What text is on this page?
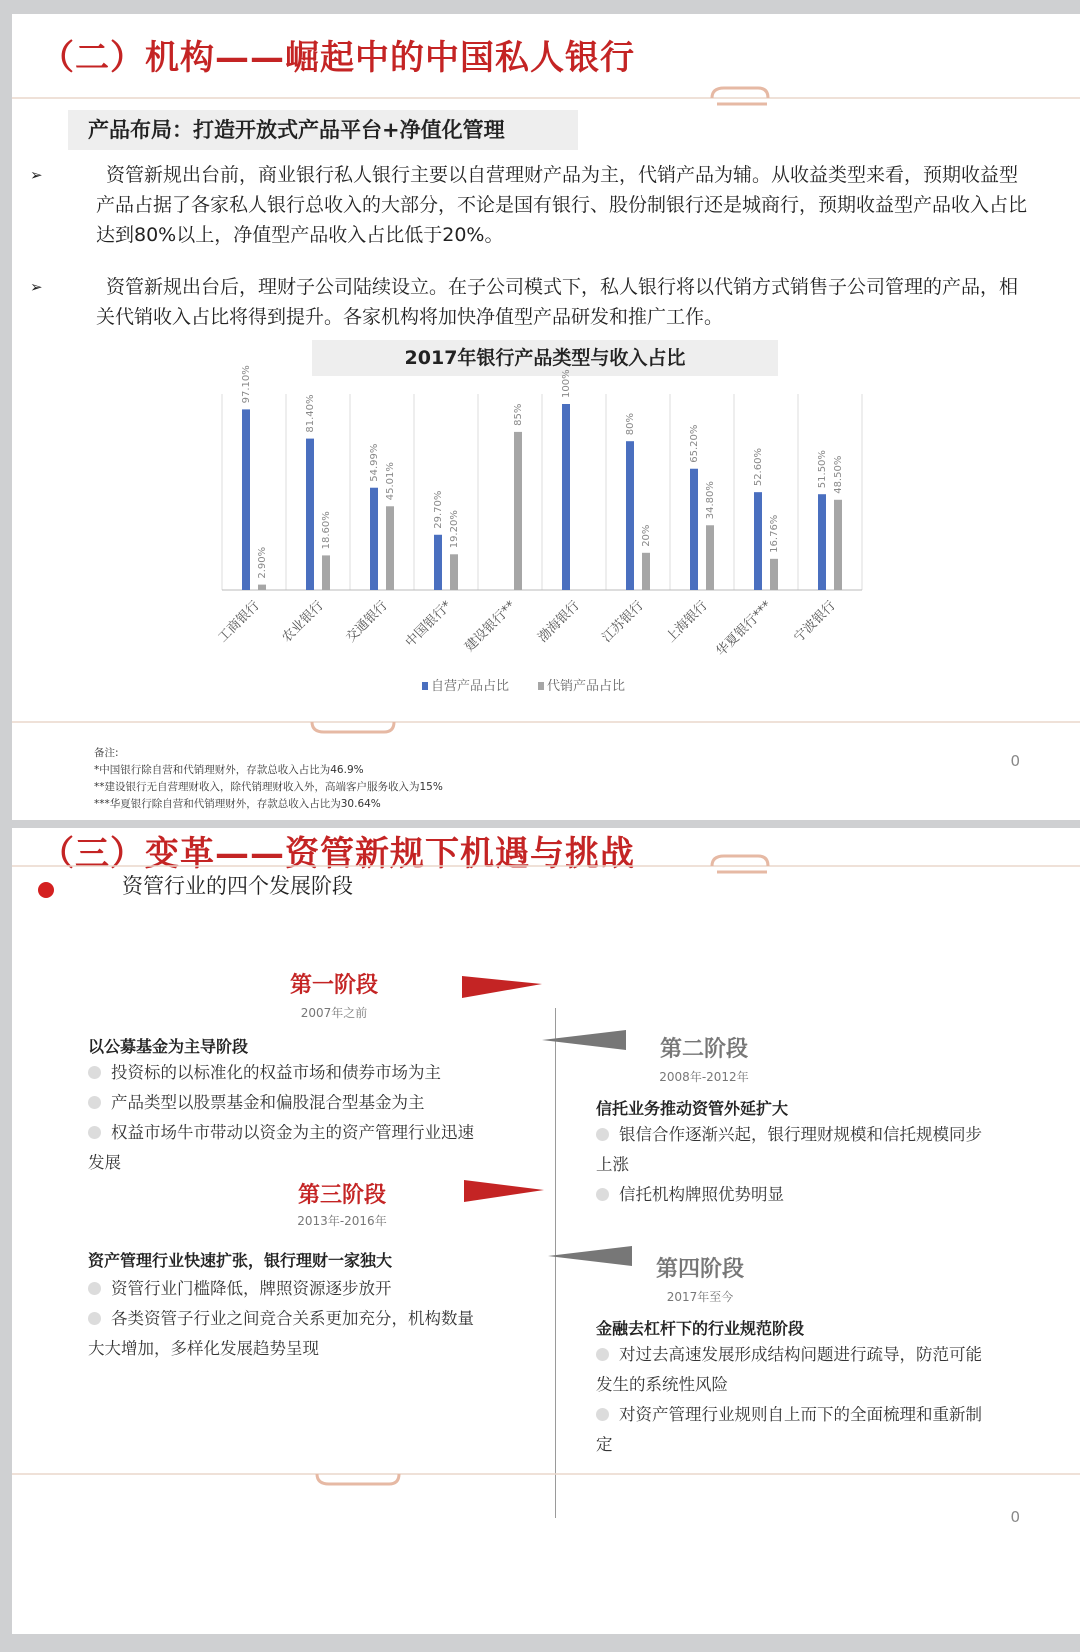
（二）机构——崛起中的中国私人银行
产品布局：打造开放式产品平台+净值化管理
➢	资管新规出台前，商业银行私人银行主要以自营理财产品为主，代销产品为辅。从收益类型来看，预期收益型产品占据了各家私人银行总收入的大部分，不论是国有银行、股份制银行还是城商行，预期收益型产品收入占比达到80%以上，净值型产品收入占比低于20%。
➢	资管新规出台后，理财子公司陆续设立。在子公司模式下，私人银行将以代销方式销售子公司管理的产品，相关代销收入占比将得到提升。各家机构将加快净值型产品研发和推广工作。
2017年银行产品类型与收入占比
97.10%
2.90%
工商银行
81.40%
18.60%
农业银行
54.99% 45.01%
交通银行
29.70%
19.20%
中国银行*
85%
建设银行**
100%
渤海银行
80%
20%
江苏银行
65.20%
34.80%
上海银行
52.60%
16.76%
华夏银行***
51.50% 48.50%
宁波银行
自营产品占比	代销产品占比
备注:
*中国银行除自营和代销理财外，存款总收入占比为46.9%
**建设银行无自营理财收入，除代销理财收入外，高端客户服务收入为15%
***华夏银行除自营和代销理财外，存款总收入占比为30.64%
0
（三）变革——资管新规下机遇与挑战
资管行业的四个发展阶段
第一阶段
2007年之前
以公募基金为主导阶段
投资标的以标准化的权益市场和债券市场为主
产品类型以股票基金和偏股混合型基金为主
权益市场牛市带动以资金为主的资产管理行业迅速发展
第二阶段
2008年-2012年
信托业务推动资管外延扩大
银信合作逐渐兴起，银行理财规模和信托规模同步上涨
信托机构牌照优势明显
第三阶段
2013年-2016年
资产管理行业快速扩张，银行理财一家独大
资管行业门槛降低，牌照资源逐步放开
各类资管子行业之间竞合关系更加充分，机构数量大大增加，多样化发展趋势呈现
第四阶段
2017年至今
金融去杠杆下的行业规范阶段
对过去高速发展形成结构问题进行疏导，防范可能发生的系统性风险
对资产管理行业规则自上而下的全面梳理和重新制定
0
